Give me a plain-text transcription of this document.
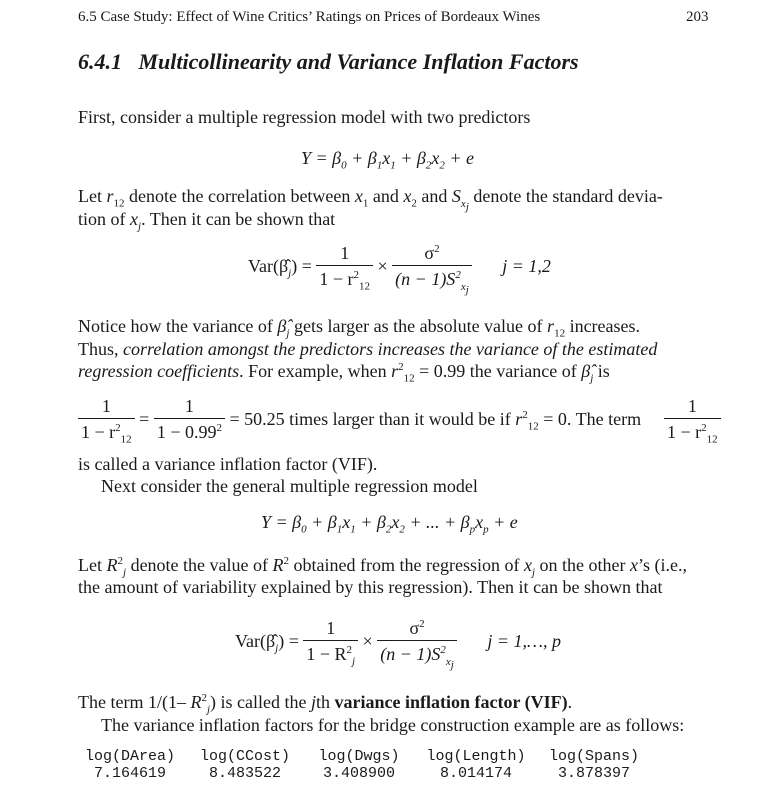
6.5 Case Study: Effect of Wine Critics’ Ratings on Prices of Bordeaux Wines	203
6.4.1 Multicollinearity and Variance Inflation Factors
First, consider a multiple regression model with two predictors
$Y = \beta_0 + \beta_1x_1 + \beta_2x_2 + e$
Let $r_{12}$ denote the correlation between $x_1$ and $x_2$ and $S_{x_j}$ denote the standard devia-
tion of $x_j$. Then it can be shown that
$Var(\betâ_j) = \frac{1}{1 - r^2_{12}} \times \frac{\sigma^2}{(n - 1)S^2_{x_j}}$ j = 1,2
Notice how the variance of $\betâ_j$ gets larger as the absolute value of $r_{12}$ increases.
Thus, correlation amongst the predictors increases the variance of the estimated
regression coefficients. For example, when $r^2_{12} = 0.99$ the variance of $\betâ_j$ is
$\frac{1}{1 - r^2_{12}} = \frac{1}{1 - 0.99^2} = 50.25$ times larger than it would be if $r^2_{12} = 0$. The term $\frac{1}{1 - r^2_{12}}$
is called a variance inflation factor (VIF).
Next consider the general multiple regression model
$Y = \beta_0 + \beta_1x_1 + \beta_2x_2$ + ... + $\beta_px_p + e$
Let $R^2_j$ denote the value of $R^2$ obtained from the regression of $x_j$ on the other x’s (i.e.,
the amount of variability explained by this regression). Then it can be shown that
$Var(\betâ_j) = \frac{1}{1 - R^2_j} \times \frac{\sigma^2}{(n - 1)S^2_{x_j}}$ j = 1,…, p
The term 1/(1– $R^2_j$) is called the jth variance inflation factor (VIF).
The variance inflation factors for the bridge construction example are as follows:
log(DArea)	log(CCost)	log(Dwgs)	log(Length)	log(Spans)
7.164619	8.483522	3.408900	8.014174	3.878397
